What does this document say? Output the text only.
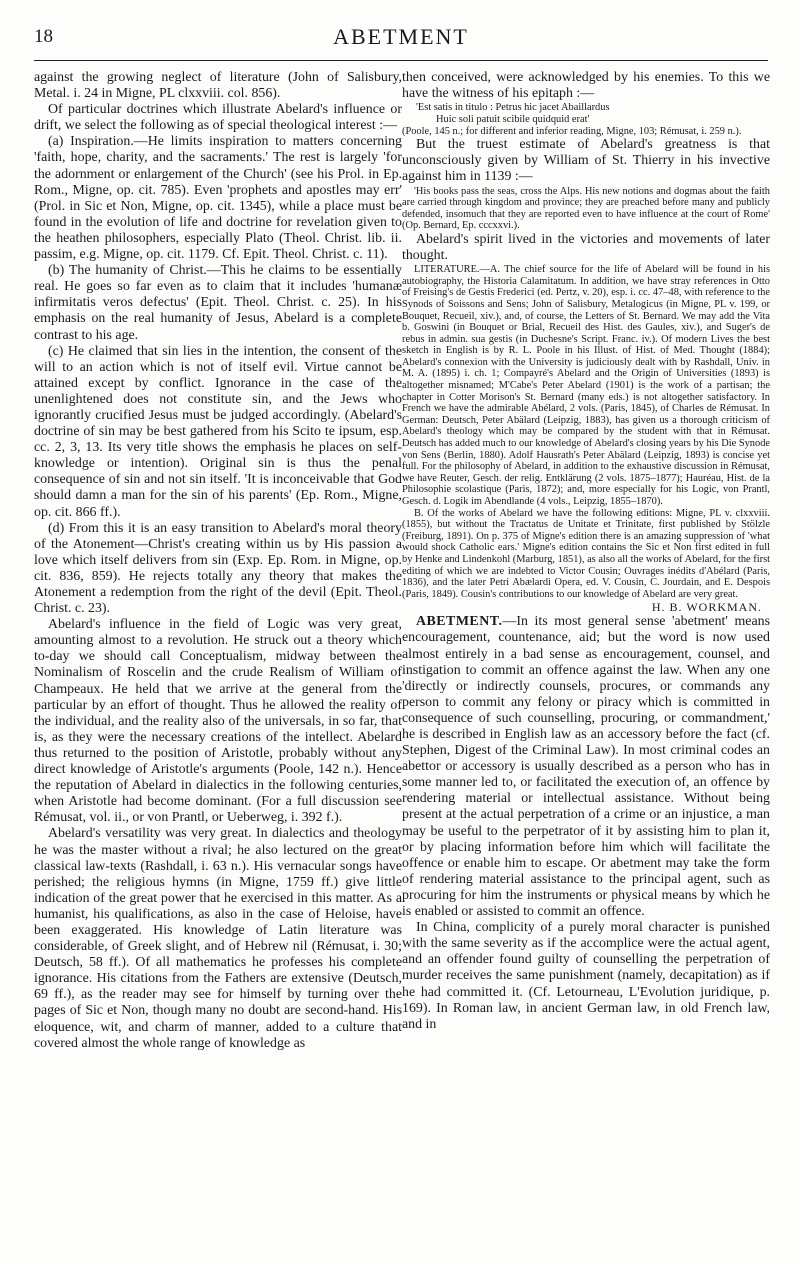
18	ABETMENT

against the growing neglect of literature (John of Salisbury, Metal. i. 24 in Migne, PL clxxviii. col. 856).

Of particular doctrines which illustrate Abelard's influence or drift, we select the following as of special theological interest :—

(a) Inspiration.—He limits inspiration to matters concerning 'faith, hope, charity, and the sacraments.' The rest is largely 'for the adornment or enlargement of the Church' (see his Prol. in Ep. Rom., Migne, op. cit. 785). Even 'prophets and apostles may err' (Prol. in Sic et Non, Migne, op. cit. 1345), while a place must be found in the evolution of life and doctrine for revelation given to the heathen philosophers, especially Plato (Theol. Christ. lib. ii. passim, e.g. Migne, op. cit. 1179. Cf. Epit. Theol. Christ. c. 11).

(b) The humanity of Christ.—This he claims to be essentially real. He goes so far even as to claim that it includes 'humanæ infirmitatis veros defectus' (Epit. Theol. Christ. c. 25). In his emphasis on the real humanity of Jesus, Abelard is a complete contrast to his age.

(c) He claimed that sin lies in the intention, the consent of the will to an action which is not of itself evil. Virtue cannot be attained except by conflict. Ignorance in the case of the unenlightened does not constitute sin, and the Jews who ignorantly crucified Jesus must be judged accordingly. (Abelard's doctrine of sin may be best gathered from his Scito te ipsum, esp. cc. 2, 3, 13. Its very title shows the emphasis he places on self-knowledge or intention). Original sin is thus the penal consequence of sin and not sin itself. 'It is inconceivable that God should damn a man for the sin of his parents' (Ep. Rom., Migne, op. cit. 866 ff.).

(d) From this it is an easy transition to Abelard's moral theory of the Atonement—Christ's creating within us by His passion a love which itself delivers from sin (Exp. Ep. Rom. in Migne, op. cit. 836, 859). He rejects totally any theory that makes the Atonement a redemption from the right of the devil (Epit. Theol. Christ. c. 23).

Abelard's influence in the field of Logic was very great, amounting almost to a revolution. He struck out a theory which to-day we should call Conceptualism, midway between the Nominalism of Roscelin and the crude Realism of William of Champeaux. He held that we arrive at the general from the particular by an effort of thought. Thus he allowed the reality of the individual, and the reality also of the universals, in so far, that is, as they were the necessary creations of the intellect. Abelard thus returned to the position of Aristotle, probably without any direct knowledge of Aristotle's arguments (Poole, 142 n.). Hence the reputation of Abelard in dialectics in the following centuries, when Aristotle had become dominant. (For a full discussion see Rémusat, vol. ii., or von Prantl, or Ueberweg, i. 392 f.).

Abelard's versatility was very great. In dialectics and theology he was the master without a rival; he also lectured on the great classical law-texts (Rashdall, i. 63 n.). His vernacular songs have perished; the religious hymns (in Migne, 1759 ff.) give little indication of the great power that he exercised in this matter. As a humanist, his qualifications, as also in the case of Heloise, have been exaggerated. His knowledge of Latin literature was considerable, of Greek slight, and of Hebrew nil (Rémusat, i. 30; Deutsch, 58 ff.). Of all mathematics he professes his complete ignorance. His citations from the Fathers are extensive (Deutsch, 69 ff.), as the reader may see for himself by turning over the pages of Sic et Non, though many no doubt are second-hand. His eloquence, wit, and charm of manner, added to a culture that covered almost the whole range of knowledge as

then conceived, were acknowledged by his enemies. To this we have the witness of his epitaph :—

'Est satis in titulo : Petrus hic jacet Abaillardus
Huic soli patuit scibile quidquid erat'
(Poole, 145 n.; for different and inferior reading, Migne, 103; Rémusat, i. 259 n.).

But the truest estimate of Abelard's greatness is that unconsciously given by William of St. Thierry in his invective against him in 1139 :—

'His books pass the seas, cross the Alps. His new notions and dogmas about the faith are carried through kingdom and province; they are preached before many and publicly defended, insomuch that they are reported even to have influence at the court of Rome' (Op. Bernard, Ep. cccxxvi.).

Abelard's spirit lived in the victories and movements of later thought.

LITERATURE.—A. The chief source for the life of Abelard will be found in his autobiography, the Historia Calamitatum. In addition, we have stray references in Otto of Freising's de Gestis Frederici (ed. Pertz, v. 20), esp. i. cc. 47–48, with reference to the Synods of Soissons and Sens; John of Salisbury, Metalogicus (in Migne, PL v. 199, or Bouquet, Recueil, xiv.), and, of course, the Letters of St. Bernard. We may add the Vita b. Goswini (in Bouquet or Brial, Recueil des Hist. des Gaules, xiv.), and Suger's de rebus in admin. sua gestis (in Duchesne's Script. Franc. iv.). Of modern Lives the best sketch in English is by R. L. Poole in his Illust. of Hist. of Med. Thought (1884); Abelard's connexion with the University is judiciously dealt with by Rashdall, Univ. in M. A. (1895) i. ch. 1; Compayré's Abelard and the Origin of Universities (1893) is altogether misnamed; M'Cabe's Peter Abelard (1901) is the work of a partisan; the chapter in Cotter Morison's St. Bernard (many eds.) is not altogether satisfactory. In French we have the admirable Abélard, 2 vols. (Paris, 1845), of Charles de Rémusat. In German: Deutsch, Peter Abälard (Leipzig, 1883), has given us a thorough criticism of Abelard's theology which may be compared by the student with that in Rémusat. Deutsch has added much to our knowledge of Abelard's closing years by his Die Synode von Sens (Berlin, 1880). Adolf Hausrath's Peter Abälard (Leipzig, 1893) is concise yet full. For the philosophy of Abelard, in addition to the exhaustive discussion in Rémusat, we have Reuter, Gesch. der relig. Entklärung (2 vols. 1875–1877); Hauréau, Hist. de la Philosophie scolastique (Paris, 1872); and, more especially for his Logic, von Prantl, Gesch. d. Logik im Abendlande (4 vols., Leipzig, 1855–1870).

B. Of the works of Abelard we have the following editions: Migne, PL v. clxxviii. (1855), but without the Tractatus de Unitate et Trinitate, first published by Stölzle (Freiburg, 1891). On p. 375 of Migne's edition there is an amazing suppression of 'what would shock Catholic ears.' Migne's edition contains the Sic et Non first edited in full by Henke and Lindenkohl (Marburg, 1851), as also all the works of Abelard, for the first editing of which we are indebted to Victor Cousin; Ouvrages inédits d'Abélard (Paris, 1836), and the later Petri Abælardi Opera, ed. V. Cousin, C. Jourdain, and E. Despois (Paris, 1849). Cousin's contributions to our knowledge of Abelard are very great.

H. B. WORKMAN.

ABETMENT.—In its most general sense 'abetment' means encouragement, countenance, aid; but the word is now used almost entirely in a bad sense as encouragement, counsel, and instigation to commit an offence against the law. When any one 'directly or indirectly counsels, procures, or commands any person to commit any felony or piracy which is committed in consequence of such counselling, procuring, or commandment,' he is described in English law as an accessory before the fact (cf. Stephen, Digest of the Criminal Law). In most criminal codes an abettor or accessory is usually described as a person who has in some manner led to, or facilitated the execution of, an offence by rendering material or intellectual assistance. Without being present at the actual perpetration of a crime or an injustice, a man may be useful to the perpetrator of it by assisting him to plan it, or by placing information before him which will facilitate the offence or enable him to escape. Or abetment may take the form of rendering material assistance to the principal agent, such as procuring for him the instruments or physical means by which he is enabled or assisted to commit an offence.

In China, complicity of a purely moral character is punished with the same severity as if the accomplice were the actual agent, and an offender found guilty of counselling the perpetration of murder receives the same punishment (namely, decapitation) as if he had committed it. (Cf. Letourneau, L'Evolution juridique, p. 169). In Roman law, in ancient German law, in old French law, and in
